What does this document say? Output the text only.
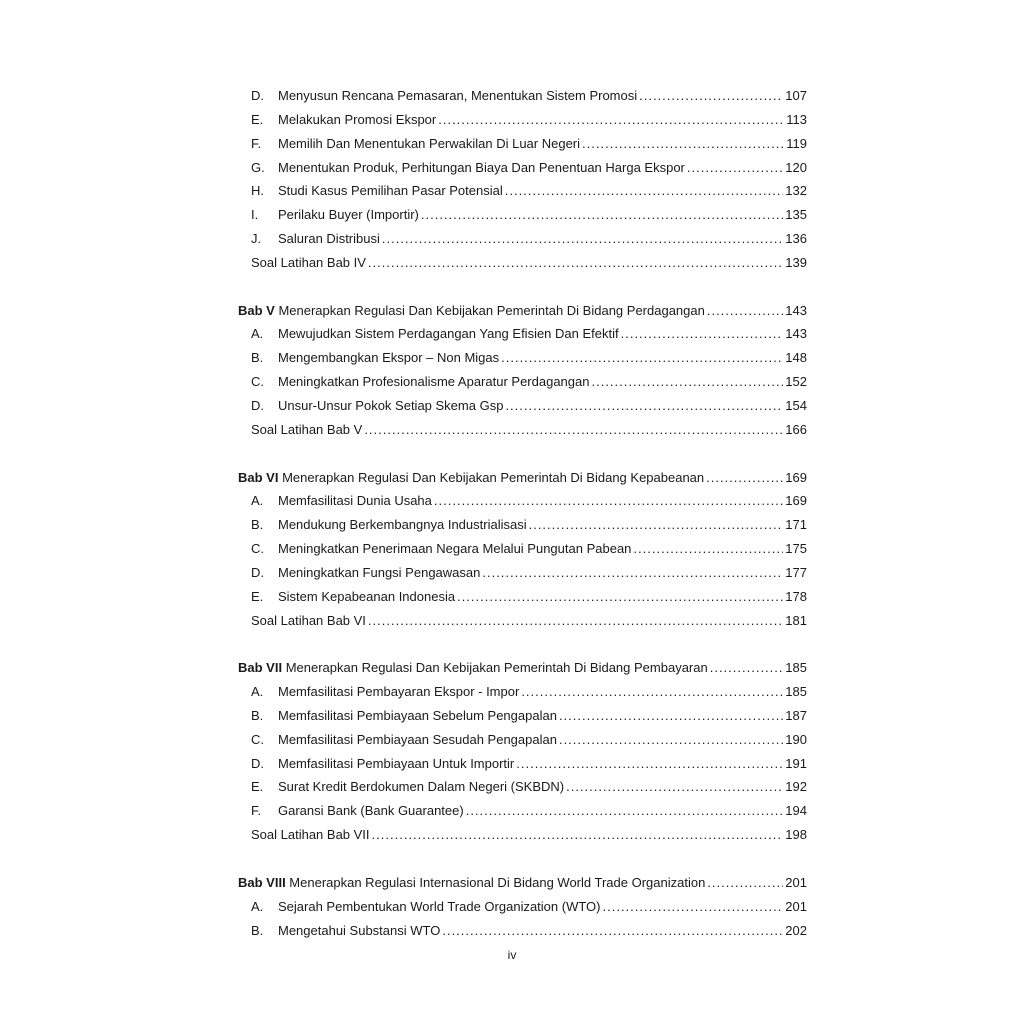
D.	Menyusun Rencana Pemasaran, Menentukan Sistem Promosi .....	107
E.	Melakukan Promosi Ekspor .....	113
F.	Memilih Dan Menentukan Perwakilan Di Luar Negeri .....	119
G.	Menentukan Produk, Perhitungan Biaya Dan Penentuan Harga Ekspor .....	120
H.	Studi Kasus Pemilihan Pasar Potensial .....	132
I.	Perilaku Buyer (Importir) .....	135
J.	Saluran Distribusi .....	136
Soal Latihan Bab IV .....	139
Bab V Menerapkan Regulasi Dan Kebijakan Pemerintah Di Bidang Perdagangan .....	143
A.	Mewujudkan Sistem Perdagangan Yang Efisien Dan Efektif .....	143
B.	Mengembangkan Ekspor – Non Migas .....	148
C.	Meningkatkan Profesionalisme Aparatur Perdagangan .....	152
D.	Unsur-Unsur Pokok Setiap Skema Gsp .....	154
Soal Latihan Bab V .....	166
Bab VI Menerapkan Regulasi Dan Kebijakan Pemerintah Di Bidang Kepabeanan .....	169
A.	Memfasilitasi Dunia Usaha .....	169
B.	Mendukung Berkembangnya Industrialisasi .....	171
C.	Meningkatkan Penerimaan Negara Melalui Pungutan Pabean .....	175
D.	Meningkatkan Fungsi Pengawasan .....	177
E.	Sistem Kepabeanan Indonesia .....	178
Soal Latihan Bab VI .....	181
Bab VII Menerapkan Regulasi Dan Kebijakan Pemerintah Di Bidang Pembayaran .....	185
A.	Memfasilitasi Pembayaran Ekspor - Impor .....	185
B.	Memfasilitasi Pembiayaan Sebelum Pengapalan .....	187
C.	Memfasilitasi Pembiayaan Sesudah Pengapalan .....	190
D.	Memfasilitasi Pembiayaan Untuk Importir .....	191
E.	Surat Kredit Berdokumen Dalam Negeri (SKBDN) .....	192
F.	Garansi Bank (Bank Guarantee) .....	194
Soal Latihan Bab VII .....	198
Bab VIII Menerapkan Regulasi Internasional Di Bidang World Trade Organization .....	201
A.	Sejarah Pembentukan World Trade Organization (WTO) .....	201
B.	Mengetahui Substansi WTO .....	202
iv
